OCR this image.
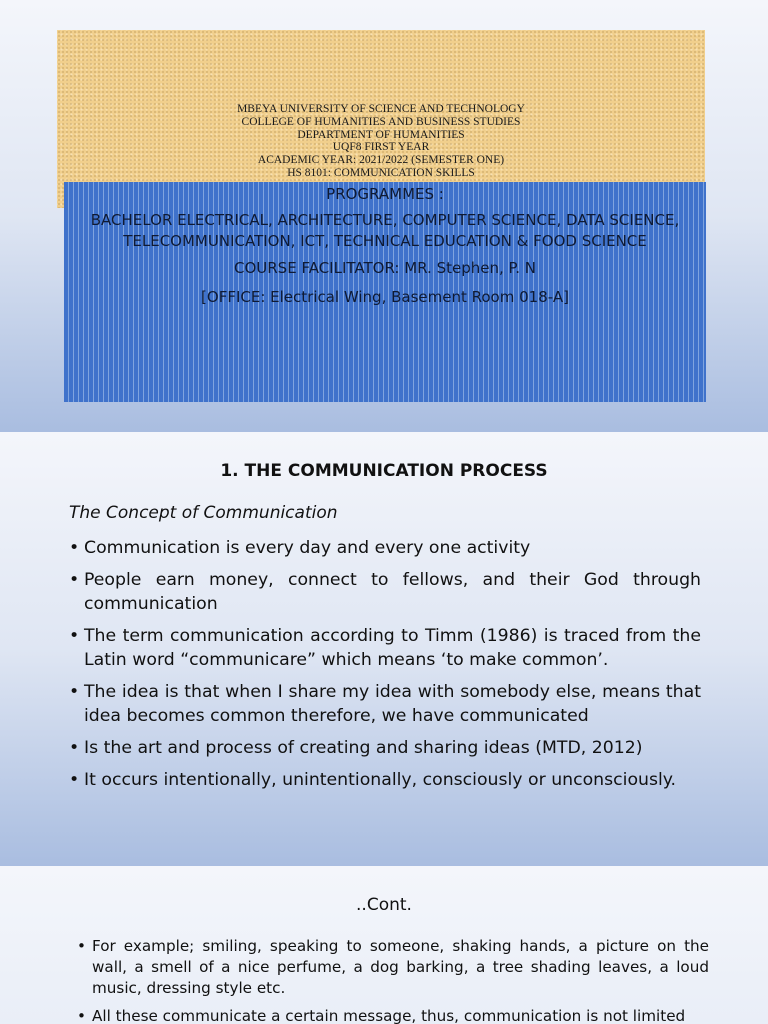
MBEYA UNIVERSITY OF SCIENCE AND TECHNOLOGY
COLLEGE OF HUMANITIES AND BUSINESS STUDIES
DEPARTMENT OF HUMANITIES
UQF8 FIRST YEAR
ACADEMIC YEAR: 2021/2022 (SEMESTER ONE)
HS 8101: COMMUNICATION SKILLS

PROGRAMMES :

BACHELOR ELECTRICAL, ARCHITECTURE, COMPUTER SCIENCE, DATA SCIENCE,
TELECOMMUNICATION, ICT, TECHNICAL EDUCATION & FOOD SCIENCE

COURSE FACILITATOR: MR. Stephen, P. N

[OFFICE: Electrical Wing, Basement Room 018-A]

1. THE COMMUNICATION PROCESS
The Concept of Communication
• Communication is every day and every one activity
• People earn money, connect to fellows, and their God through communication
• The term communication according to Timm (1986) is traced from the Latin word “communicare” which means ‘to make common’.
• The idea is that when I share my idea with somebody else, means that idea becomes common therefore, we have communicated
• Is the art and process of creating and sharing ideas (MTD, 2012)
• It occurs intentionally, unintentionally, consciously or unconsciously.
..Cont.
• For example; smiling, speaking to someone, shaking hands, a picture on the wall, a smell of a nice perfume, a dog barking, a tree shading leaves, a loud music, dressing style etc.
• All these communicate a certain message, thus, communication is not limited
